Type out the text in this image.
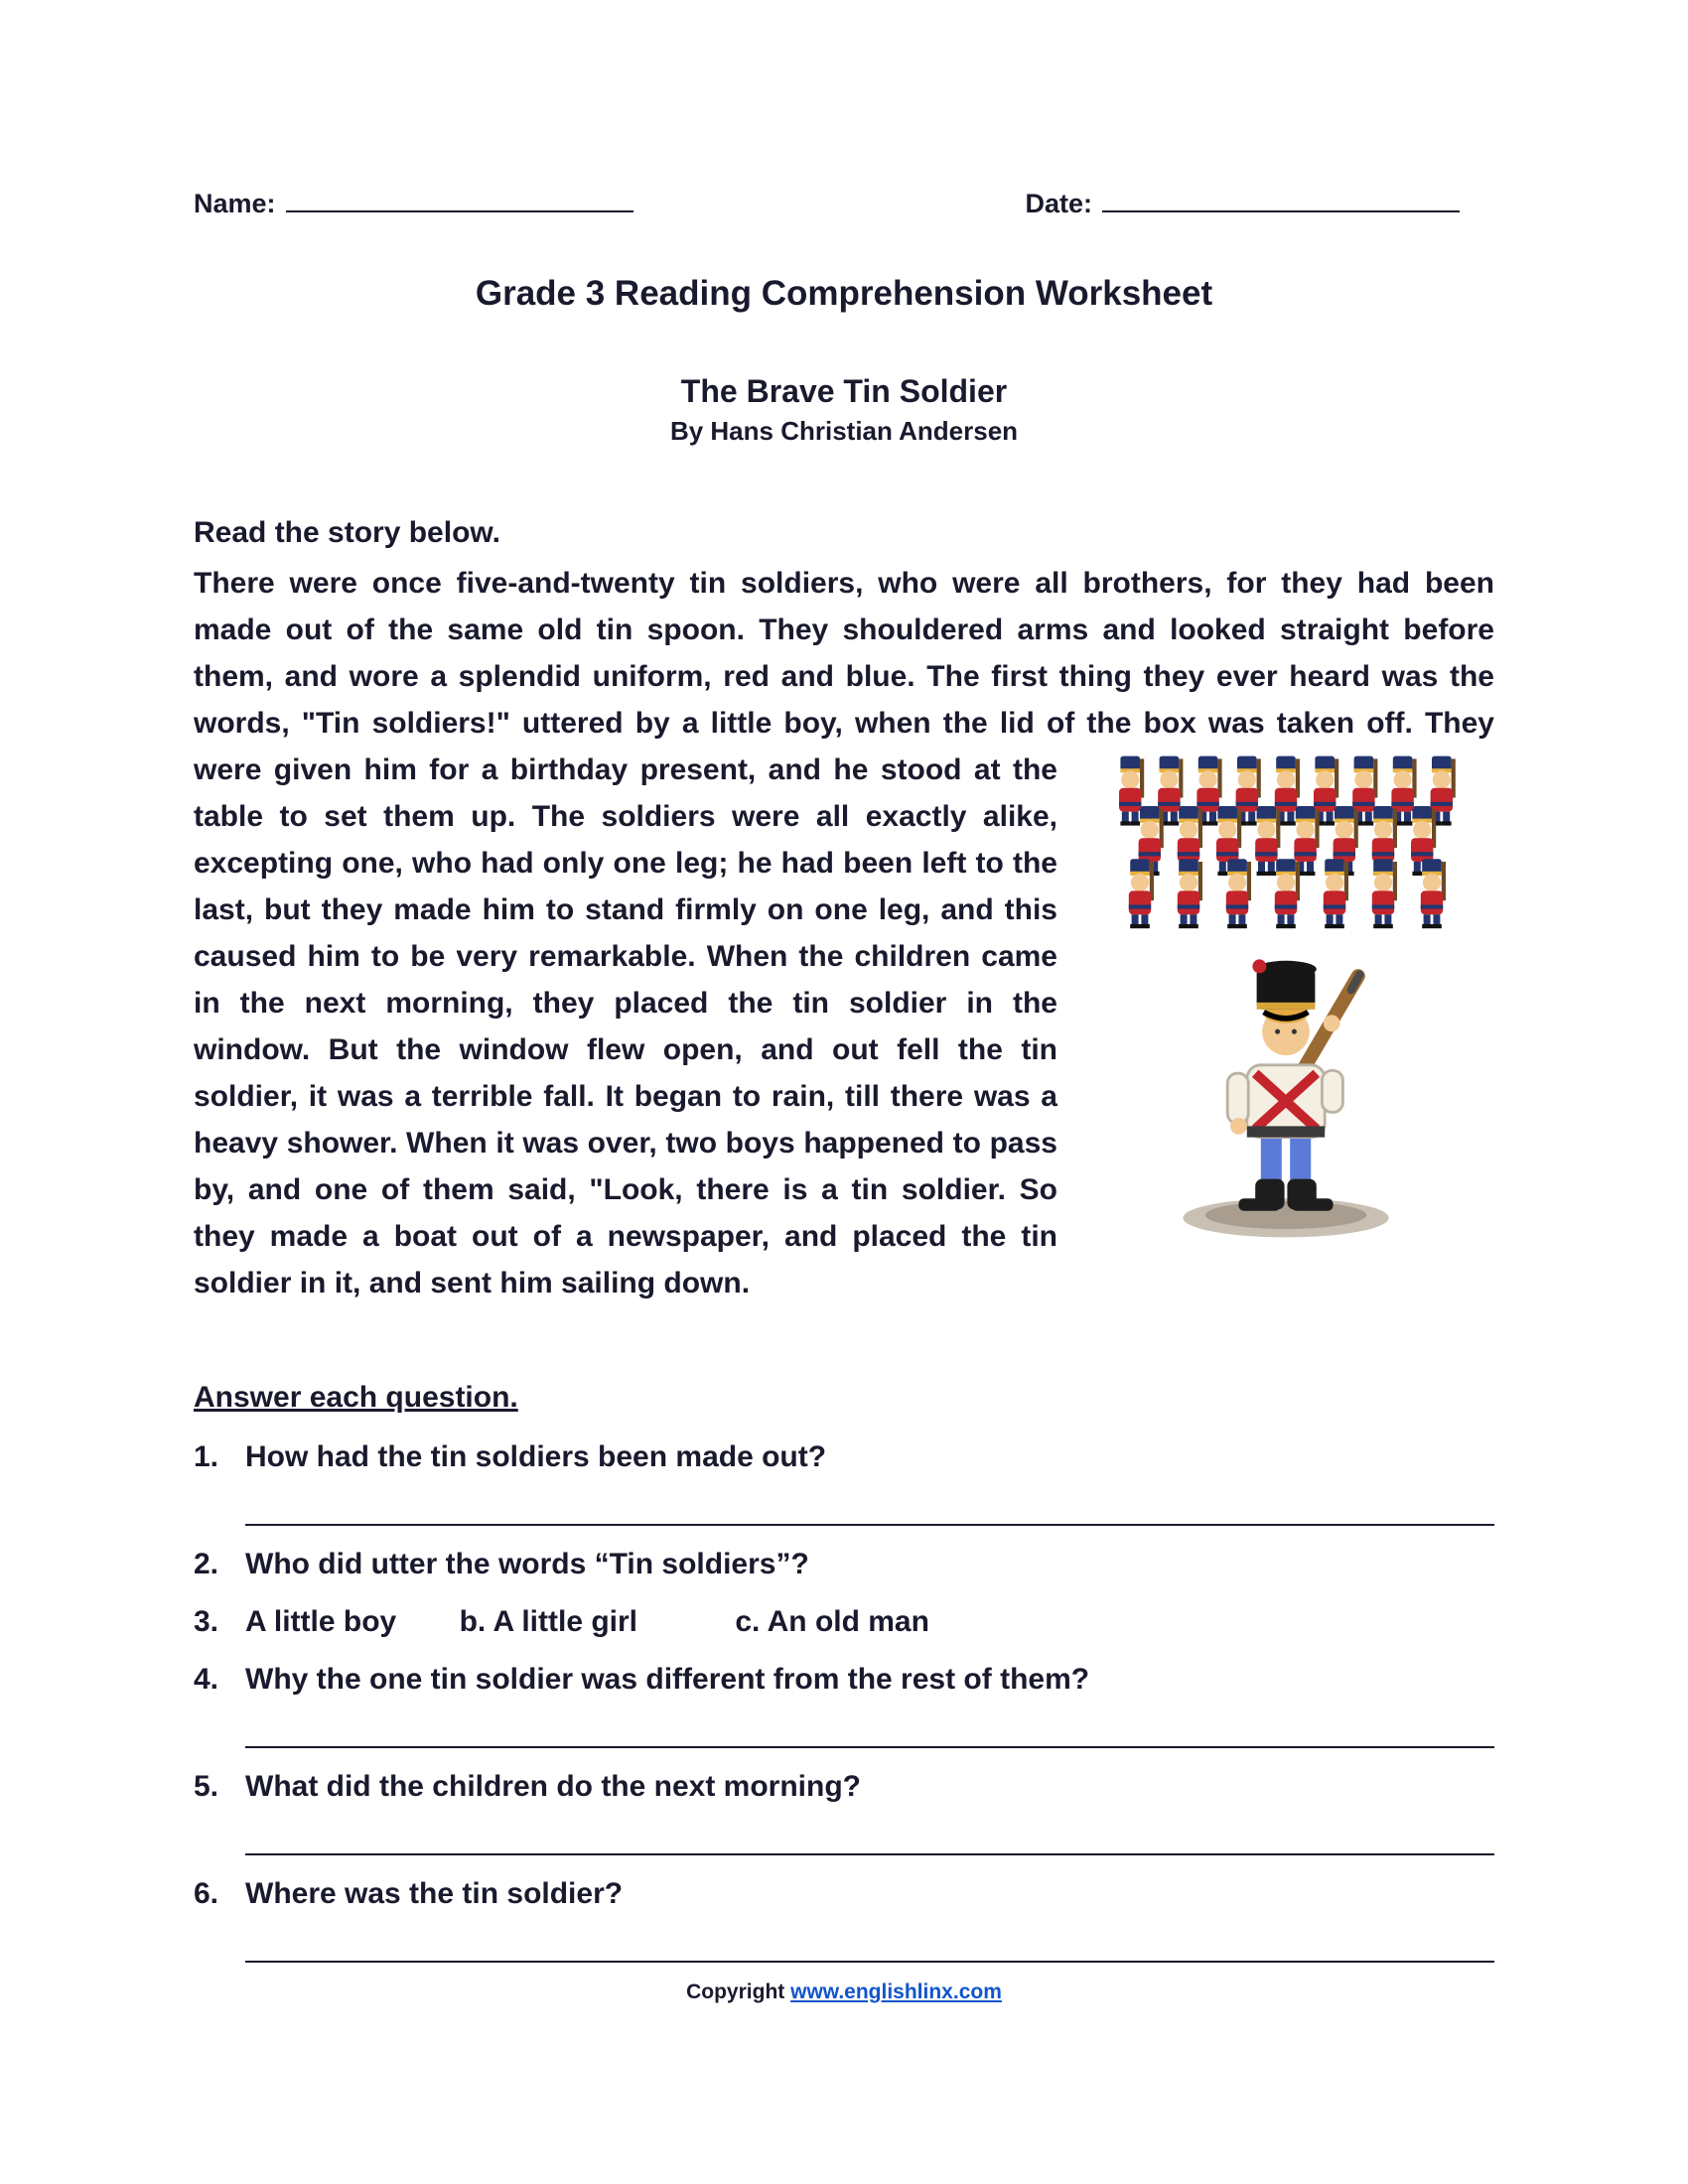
Name:	Date:
Grade 3 Reading Comprehension Worksheet
The Brave Tin Soldier
By Hans Christian Andersen

Read the story below.

There were once five-and-twenty tin soldiers, who were all brothers, for they had been made out of the same old tin spoon. They shouldered arms and looked straight before them, and wore a splendid uniform, red and blue. The first thing they ever heard was the words, "Tin soldiers!" uttered by a little boy, when the lid of the box was taken off. They were given him for a birthday present, and he stood at the table to set them up. The soldiers were all exactly alike, excepting one, who had only one leg; he had been left to the last, but they made him to stand firmly on one leg, and this caused him to be very remarkable. When the children came in the next morning, they placed the tin soldier in the window. But the window flew open, and out fell the tin soldier, it was a terrible fall. It began to rain, till there was a heavy shower. When it was over, two boys happened to pass by, and one of them said, "Look, there is a tin soldier. So they made a boat out of a newspaper, and placed the tin soldier in it, and sent him sailing down.

Answer each question.

1. How had the tin soldiers been made out?
2. Who did utter the words “Tin soldiers”?
3. A little boy b. A little girl	c. An old man
4. Why the one tin soldier was different from the rest of them?
5. What did the children do the next morning?
6. Where was the tin soldier?
Copyright www.englishlinx.com
